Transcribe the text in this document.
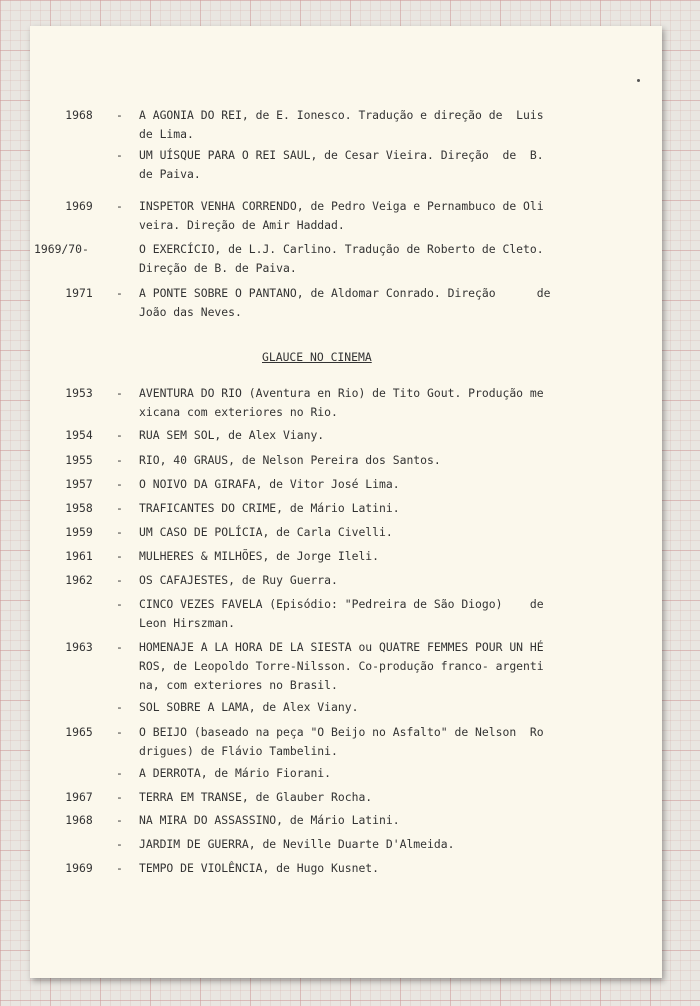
1968	- A AGONIA DO REI, de E. Ionesco. Tradução e direção de  Luis
de Lima.
- UM UÍSQUE PARA O REI SAUL, de Cesar Vieira. Direção  de  B.
de Paiva.
1969	- INSPETOR VENHA CORRENDO, de Pedro Veiga e Pernambuco de Oli
veira. Direção de Amir Haddad.
1969/70-	O EXERCÍCIO, de L.J. Carlino. Tradução de Roberto de Cleto.
Direção de B. de Paiva.
1971	- A PONTE SOBRE O PANTANO, de Aldomar Conrado. Direção      de
João das Neves.
GLAUCE NO CINEMA
1953	- AVENTURA DO RIO (Aventura en Rio) de Tito Gout. Produção me
xicana com exteriores no Rio.
1954	- RUA SEM SOL, de Alex Viany.
1955	- RIO, 40 GRAUS, de Nelson Pereira dos Santos.
1957	- O NOIVO DA GIRAFA, de Vitor José Lima.
1958	- TRAFICANTES DO CRIME, de Mário Latini.
1959	- UM CASO DE POLÍCIA, de Carla Civelli.
1961	- MULHERES & MILHÕES, de Jorge Ileli.
1962	- OS CAFAJESTES, de Ruy Guerra.
- CINCO VEZES FAVELA (Episódio: "Pedreira de São Diogo)    de
Leon Hirszman.
1963	- HOMENAJE A LA HORA DE LA SIESTA ou QUATRE FEMMES POUR UN HÉ
ROS, de Leopoldo Torre-Nilsson. Co-produção franco- argenti
na, com exteriores no Brasil.
- SOL SOBRE A LAMA, de Alex Viany.
1965	- O BEIJO (baseado na peça "O Beijo no Asfalto" de Nelson  Ro
drigues) de Flávio Tambelini.
- A DERROTA, de Mário Fiorani.
1967	- TERRA EM TRANSE, de Glauber Rocha.
1968	- NA MIRA DO ASSASSINO, de Mário Latini.
- JARDIM DE GUERRA, de Neville Duarte D'Almeida.
1969	- TEMPO DE VIOLÊNCIA, de Hugo Kusnet.
